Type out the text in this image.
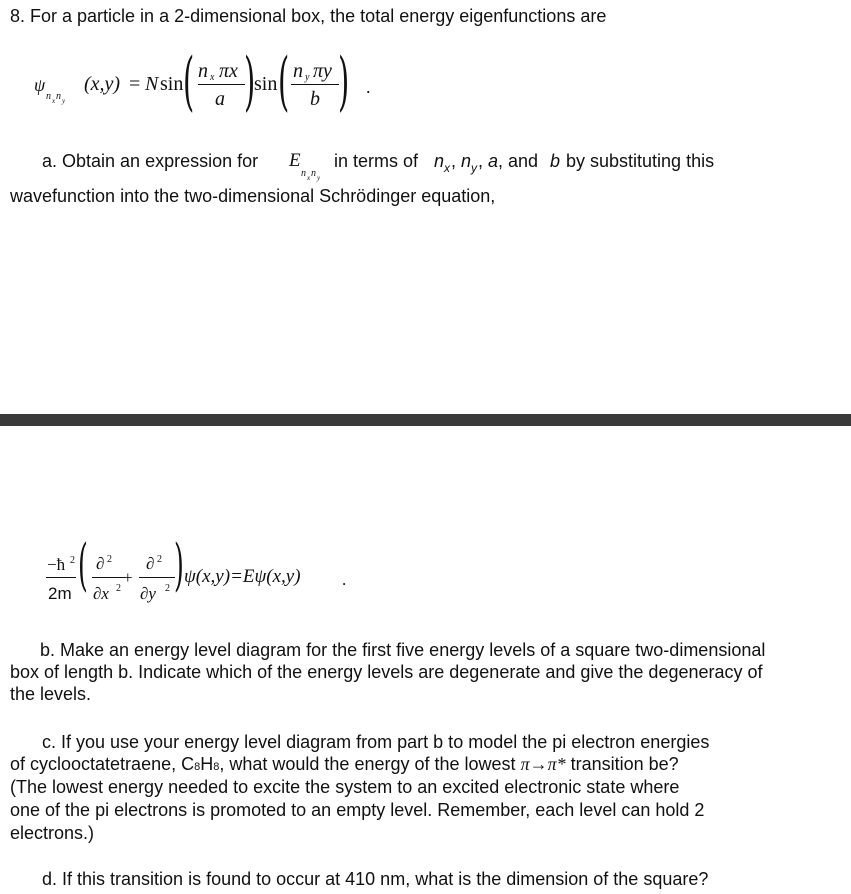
8. For a particle in a 2-dimensional box, the total energy eigenfunctions are
ψ
n x n y
(x,y) = N sin ( n x πx
a )
sin ( n y πy
b ) .
a. Obtain an expression for E
n x n y
in terms of n x , n y , a , and b by substituting this
wavefunction into the two-dimensional Schrödinger equation,
−ħ 2
2m ( ∂ 2
∂x 2
+
∂ 2
∂y 2 ) ψ(x,y)=Eψ(x,y) .
b. Make an energy level diagram for the first five energy levels of a square two-dimensional box of length b. Indicate which of the energy levels are degenerate and give the degeneracy of the levels.
c. If you use your energy level diagram from part b to model the pi electron energies
of cyclooctatetraene, C8H8, what would the energy of the lowest π→π* transition be?
(The lowest energy needed to excite the system to an excited electronic state where
one of the pi electrons is promoted to an empty level. Remember, each level can hold 2
electrons.)
d. If this transition is found to occur at 410 nm, what is the dimension of the square?
